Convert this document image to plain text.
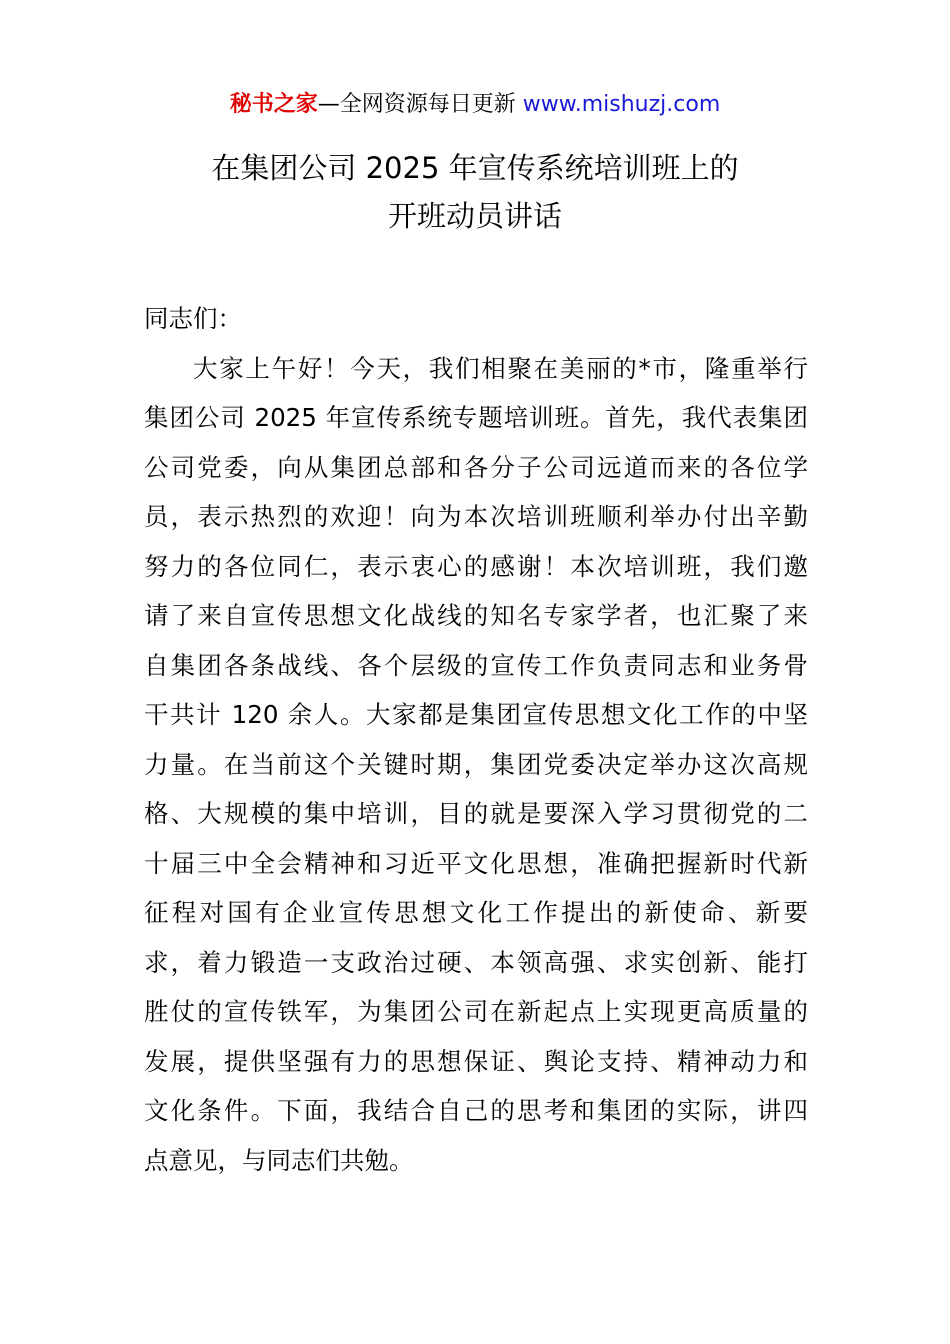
秘书之家—全网资源每日更新 www.mishuzj.com
在集团公司 2025 年宣传系统培训班上的
开班动员讲话

同志们：

大家上午好！今天，我们相聚在美丽的*市，隆重举行
集团公司 2025 年宣传系统专题培训班。首先，我代表集团
公司党委，向从集团总部和各分子公司远道而来的各位学
员，表示热烈的欢迎！向为本次培训班顺利举办付出辛勤
努力的各位同仁，表示衷心的感谢！本次培训班，我们邀
请了来自宣传思想文化战线的知名专家学者，也汇聚了来
自集团各条战线、各个层级的宣传工作负责同志和业务骨
干共计 120 余人。大家都是集团宣传思想文化工作的中坚
力量。在当前这个关键时期，集团党委决定举办这次高规
格、大规模的集中培训，目的就是要深入学习贯彻党的二
十届三中全会精神和习近平文化思想，准确把握新时代新
征程对国有企业宣传思想文化工作提出的新使命、新要
求，着力锻造一支政治过硬、本领高强、求实创新、能打
胜仗的宣传铁军，为集团公司在新起点上实现更高质量的
发展，提供坚强有力的思想保证、舆论支持、精神动力和
文化条件。下面，我结合自己的思考和集团的实际，讲四
点意见，与同志们共勉。
